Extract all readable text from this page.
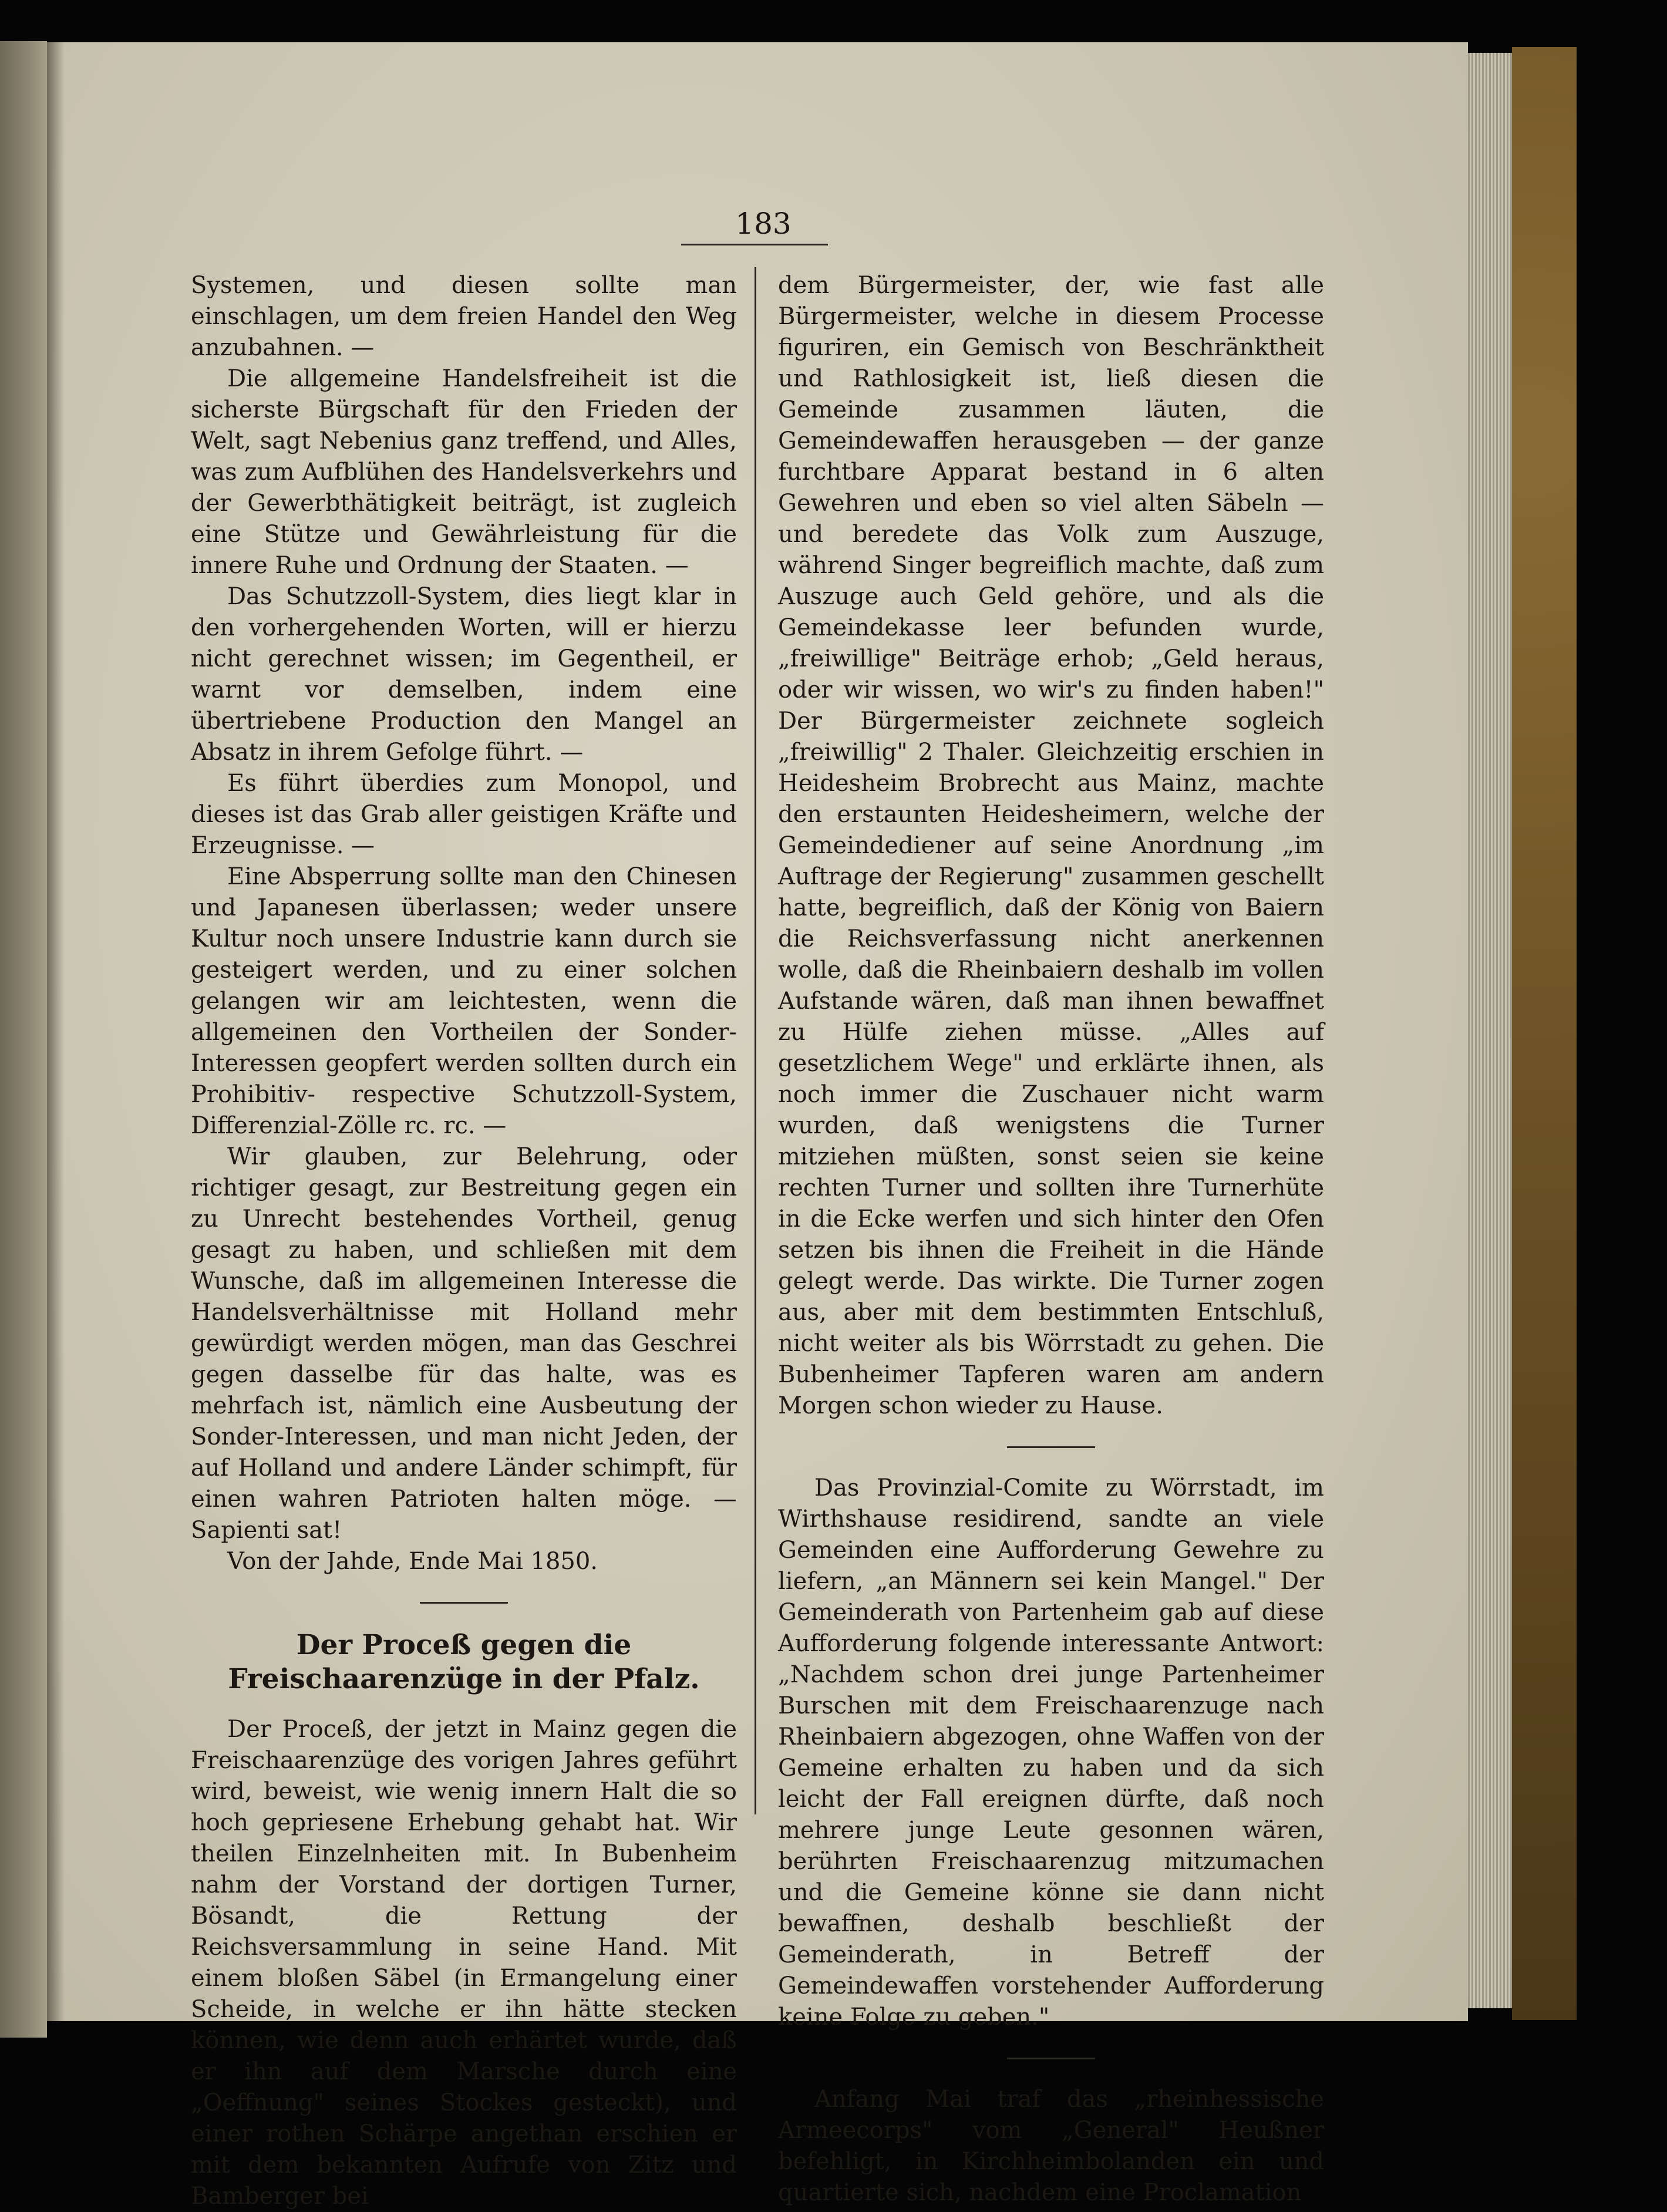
183

Systemen, und diesen sollte man einschlagen, um dem freien Handel den Weg anzubahnen. —

Die allgemeine Handelsfreiheit ist die sicherste Bürgschaft für den Frieden der Welt, sagt Nebenius ganz treffend, und Alles, was zum Aufblühen des Handelsverkehrs und der Gewerbthätigkeit beiträgt, ist zugleich eine Stütze und Gewährleistung für die innere Ruhe und Ordnung der Staaten. —

Das Schutzzoll-System, dies liegt klar in den vorhergehenden Worten, will er hierzu nicht gerechnet wissen; im Gegentheil, er warnt vor demselben, indem eine übertriebene Production den Mangel an Absatz in ihrem Gefolge führt. —

Es führt überdies zum Monopol, und dieses ist das Grab aller geistigen Kräfte und Erzeugnisse. —

Eine Absperrung sollte man den Chinesen und Japanesen überlassen; weder unsere Kultur noch unsere Industrie kann durch sie gesteigert werden, und zu einer solchen gelangen wir am leichtesten, wenn die allgemeinen den Vortheilen der Sonder-Interessen geopfert werden sollten durch ein Prohibitiv- respective Schutzzoll-System, Differenzial-Zölle rc. rc. —

Wir glauben, zur Belehrung, oder richtiger gesagt, zur Bestreitung gegen ein zu Unrecht bestehendes Vortheil, genug gesagt zu haben, und schließen mit dem Wunsche, daß im allgemeinen Interesse die Handelsverhältnisse mit Holland mehr gewürdigt werden mögen, man das Geschrei gegen dasselbe für das halte, was es mehrfach ist, nämlich eine Ausbeutung der Sonder-Interessen, und man nicht Jeden, der auf Holland und andere Länder schimpft, für einen wahren Patrioten halten möge. — Sapienti sat!

Von der Jahde, Ende Mai 1850.

Der Proceß gegen die Freischaarenzüge in der Pfalz.

Der Proceß, der jetzt in Mainz gegen die Freischaarenzüge des vorigen Jahres geführt wird, beweist, wie wenig innern Halt die so hoch gepriesene Erhebung gehabt hat. Wir theilen Einzelnheiten mit. In Bubenheim nahm der Vorstand der dortigen Turner, Bösandt, die Rettung der Reichsversammlung in seine Hand. Mit einem bloßen Säbel (in Ermangelung einer Scheide, in welche er ihn hätte stecken können, wie denn auch erhärtet wurde, daß er ihn auf dem Marsche durch eine „Oeffnung" seines Stockes gesteckt), und einer rothen Schärpe angethan erschien er mit dem bekannten Aufrufe von Zitz und Bamberger bei

dem Bürgermeister, der, wie fast alle Bürgermeister, welche in diesem Processe figuriren, ein Gemisch von Beschränktheit und Rathlosigkeit ist, ließ diesen die Gemeinde zusammen läuten, die Gemeindewaffen herausgeben — der ganze furchtbare Apparat bestand in 6 alten Gewehren und eben so viel alten Säbeln — und beredete das Volk zum Auszuge, während Singer begreiflich machte, daß zum Auszuge auch Geld gehöre, und als die Gemeindekasse leer befunden wurde, „freiwillige" Beiträge erhob; „Geld heraus, oder wir wissen, wo wir's zu finden haben!" Der Bürgermeister zeichnete sogleich „freiwillig" 2 Thaler. Gleichzeitig erschien in Heidesheim Brobrecht aus Mainz, machte den erstaunten Heidesheimern, welche der Gemeindediener auf seine Anordnung „im Auftrage der Regierung" zusammen geschellt hatte, begreiflich, daß der König von Baiern die Reichsverfassung nicht anerkennen wolle, daß die Rheinbaiern deshalb im vollen Aufstande wären, daß man ihnen bewaffnet zu Hülfe ziehen müsse. „Alles auf gesetzlichem Wege" und erklärte ihnen, als noch immer die Zuschauer nicht warm wurden, daß wenigstens die Turner mitziehen müßten, sonst seien sie keine rechten Turner und sollten ihre Turnerhüte in die Ecke werfen und sich hinter den Ofen setzen bis ihnen die Freiheit in die Hände gelegt werde. Das wirkte. Die Turner zogen aus, aber mit dem bestimmten Entschluß, nicht weiter als bis Wörrstadt zu gehen. Die Bubenheimer Tapferen waren am andern Morgen schon wieder zu Hause.

Das Provinzial-Comite zu Wörrstadt, im Wirthshause residirend, sandte an viele Gemeinden eine Aufforderung Gewehre zu liefern, „an Männern sei kein Mangel." Der Gemeinderath von Partenheim gab auf diese Aufforderung folgende interessante Antwort: „Nachdem schon drei junge Partenheimer Burschen mit dem Freischaarenzuge nach Rheinbaiern abgezogen, ohne Waffen von der Gemeine erhalten zu haben und da sich leicht der Fall ereignen dürfte, daß noch mehrere junge Leute gesonnen wären, berührten Freischaarenzug mitzumachen und die Gemeine könne sie dann nicht bewaffnen, deshalb beschließt der Gemeinderath, in Betreff der Gemeindewaffen vorstehender Aufforderung keine Folge zu geben."

Anfang Mai traf das „rheinhessische Armeecorps" vom „General" Heußner befehligt, in Kirchheimbolanden ein und quartierte sich, nachdem eine Proclamation
